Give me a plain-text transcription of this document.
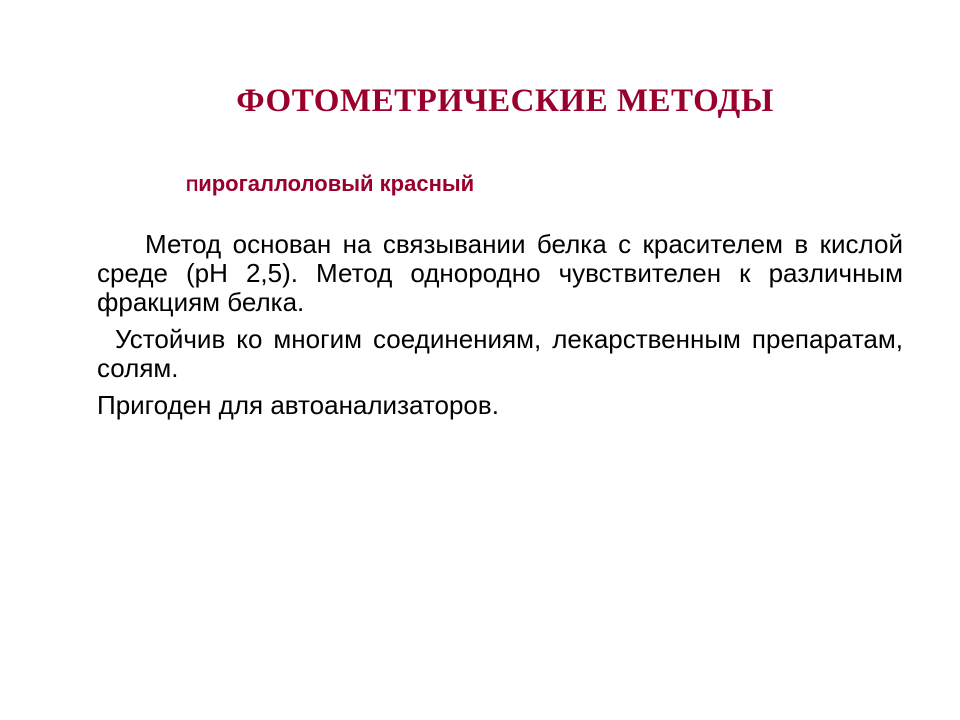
ФОТОМЕТРИЧЕСКИЕ МЕТОДЫ
Пирогаллоловый красный

Метод основан на связывании белка с красителем в кислой среде (рН 2,5). Метод однородно чувствителен к различным фракциям белка.

Устойчив ко многим соединениям, лекарственным препаратам, солям.

Пригоден для автоанализаторов.
